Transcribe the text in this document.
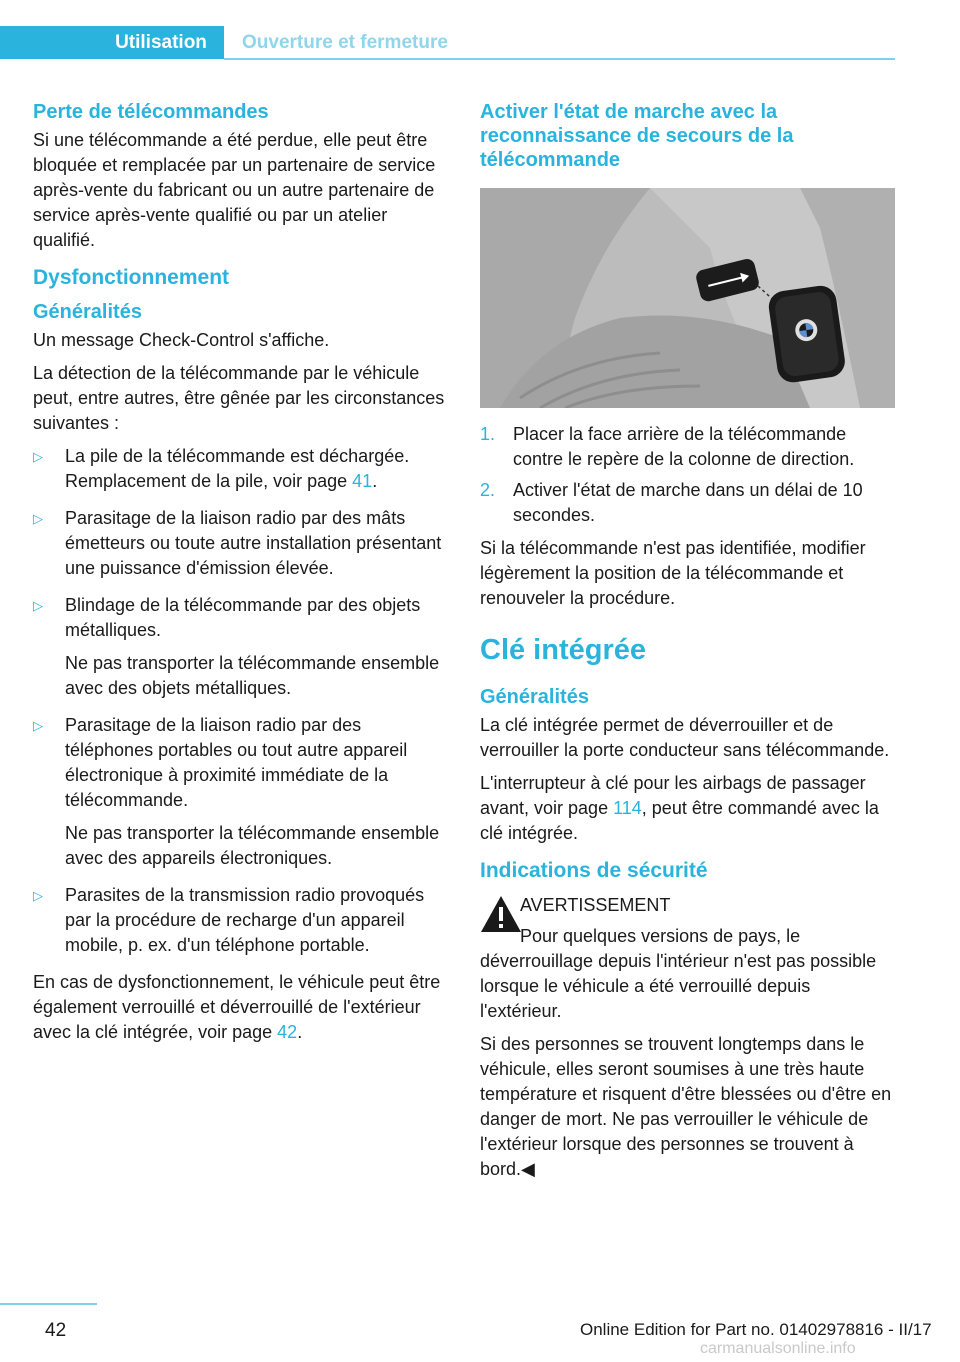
Utilisation	Ouverture et fermeture
Perte de télécommandes

Si une télécommande a été perdue, elle peut être bloquée et remplacée par un partenaire de service après-vente du fabricant ou un autre partenaire de service après-vente qualifié ou par un atelier qualifié.

Dysfonctionnement
Généralités

Un message Check-Control s'affiche.

La détection de la télécommande par le véhicule peut, entre autres, être gênée par les circonstances suivantes :

▷ La pile de la télécommande est déchargée. Remplacement de la pile, voir page 41.

▷ Parasitage de la liaison radio par des mâts émetteurs ou toute autre installation présentant une puissance d'émission élevée.

▷ Blindage de la télécommande par des objets métalliques.

Ne pas transporter la télécommande ensemble avec des objets métalliques.

▷ Parasitage de la liaison radio par des téléphones portables ou tout autre appareil électronique à proximité immédiate de la télécommande.

Ne pas transporter la télécommande ensemble avec des appareils électroniques.

▷ Parasites de la transmission radio provoqués par la procédure de recharge d'un appareil mobile, p. ex. d'un téléphone portable.

En cas de dysfonctionnement, le véhicule peut être également verrouillé et déverrouillé de l'extérieur avec la clé intégrée, voir page 42.

Activer l'état de marche avec la reconnaissance de secours de la télécommande
1. Placer la face arrière de la télécommande contre le repère de la colonne de direction.
2. Activer l'état de marche dans un délai de 10 secondes.

Si la télécommande n'est pas identifiée, modifier légèrement la position de la télécommande et renouveler la procédure.

Clé intégrée
Généralités

La clé intégrée permet de déverrouiller et de verrouiller la porte conducteur sans télécommande.

L'interrupteur à clé pour les airbags de passager avant, voir page 114, peut être commandé avec la clé intégrée.

Indications de sécurité

AVERTISSEMENT

Pour quelques versions de pays, le déverrouillage depuis l'intérieur n'est pas possible lorsque le véhicule a été verrouillé depuis l'extérieur.

Si des personnes se trouvent longtemps dans le véhicule, elles seront soumises à une très haute température et risquent d'être blessées ou d'être en danger de mort. Ne pas verrouiller le véhicule de l'extérieur lorsque des personnes se trouvent à bord.◀

42	Online Edition for Part no. 01402978816 - II/17
carmanualsonline.info
